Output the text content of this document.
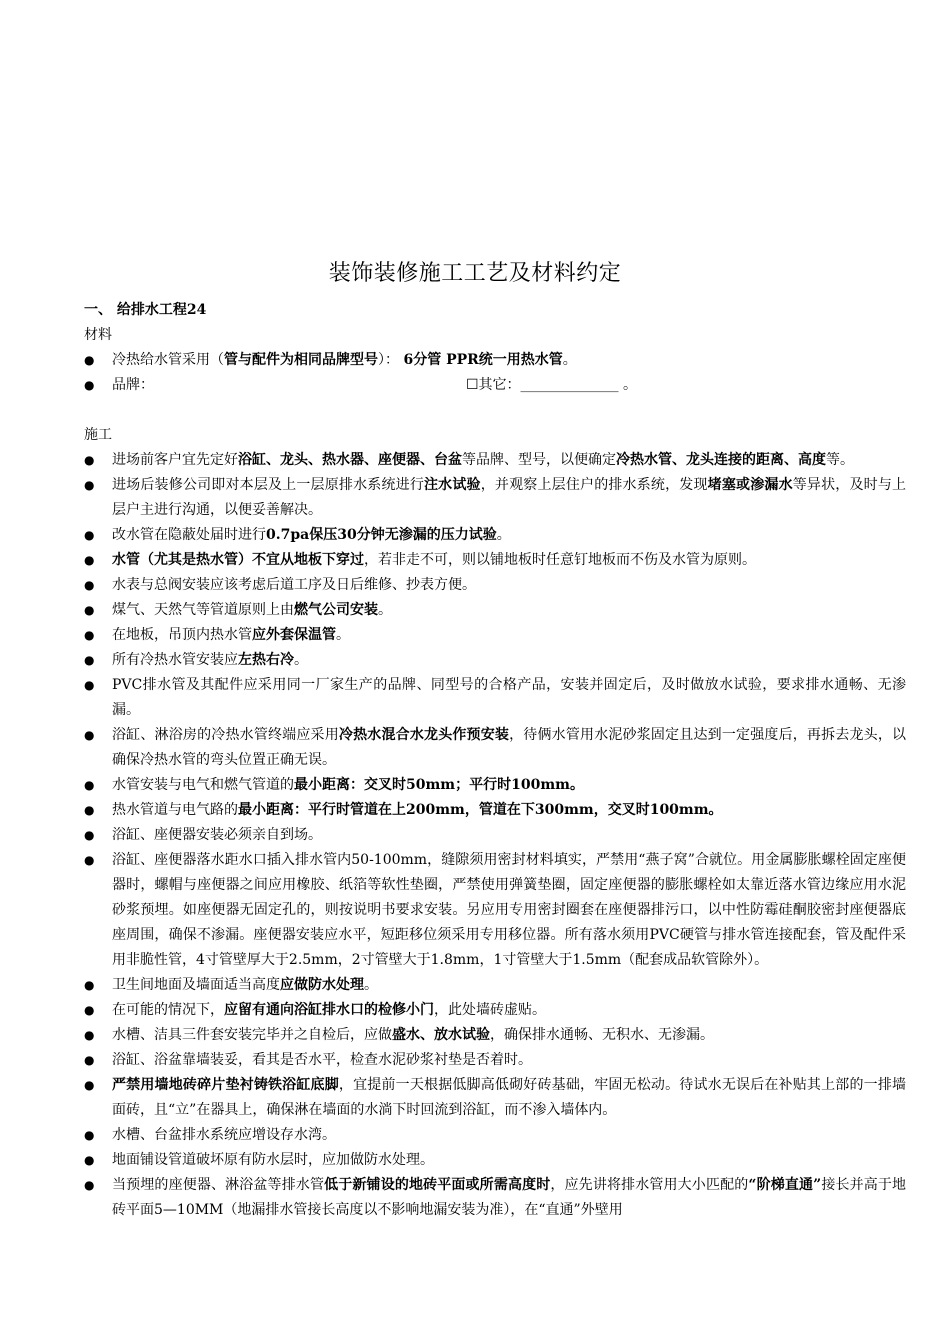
装饰装修施工工艺及材料约定
一、 给排水工程24
材料
● 冷热给水管采用（管与配件为相同品牌型号）： 6分管 PPR统一用热水管。
● 品牌：	☐其它：______________ 。
施工
● 进场前客户宜先定好浴缸、龙头、热水器、座便器、台盆等品牌、型号，以便确定冷热水管、龙头连接的距离、高度等。
● 进场后装修公司即对本层及上一层原排水系统进行注水试验，并观察上层住户的排水系统，发现堵塞或渗漏水等异状，及时与上层户主进行沟通，以便妥善解决。
● 改水管在隐蔽处届时进行0.7pa保压30分钟无渗漏的压力试验。
● 水管（尤其是热水管）不宜从地板下穿过，若非走不可，则以铺地板时任意钉地板而不伤及水管为原则。
● 水表与总阀安装应该考虑后道工序及日后维修、抄表方便。
● 煤气、天然气等管道原则上由燃气公司安装。
● 在地板，吊顶内热水管应外套保温管。
● 所有冷热水管安装应左热右冷。
● PVC排水管及其配件应采用同一厂家生产的品牌、同型号的合格产品，安装并固定后，及时做放水试验，要求排水通畅、无渗漏。
● 浴缸、淋浴房的冷热水管终端应采用冷热水混合水龙头作预安装，待俩水管用水泥砂浆固定且达到一定强度后，再拆去龙头，以确保冷热水管的弯头位置正确无误。
● 水管安装与电气和燃气管道的最小距离：交叉时50mm；平行时100mm。
● 热水管道与电气路的最小距离：平行时管道在上200mm，管道在下300mm，交叉时100mm。
● 浴缸、座便器安装必须亲自到场。
● 浴缸、座便器落水距水口插入排水管内50-100mm，缝隙须用密封材料填实，严禁用“燕子窝”合就位。用金属膨胀螺栓固定座便器时，螺帽与座便器之间应用橡胶、纸箔等软性垫圈，严禁使用弹簧垫圈，固定座便器的膨胀螺栓如太靠近落水管边缘应用水泥砂浆预埋。如座便器无固定孔的，则按说明书要求安装。另应用专用密封圈套在座便器排污口，以中性防霉硅酮胶密封座便器底座周围，确保不渗漏。座便器安装应水平，短距移位须采用专用移位器。所有落水须用PVC硬管与排水管连接配套，管及配件采用非脆性管，4寸管壁厚大于2.5mm，2寸管壁大于1.8mm，1寸管壁大于1.5mm（配套成品软管除外）。
● 卫生间地面及墙面适当高度应做防水处理。
● 在可能的情况下，应留有通向浴缸排水口的检修小门，此处墙砖虚贴。
● 水槽、洁具三件套安装完毕并之自检后，应做盛水、放水试验，确保排水通畅、无积水、无渗漏。
● 浴缸、浴盆靠墙装妥，看其是否水平，检查水泥砂浆衬垫是否着时。
● 严禁用墙地砖碎片垫衬铸铁浴缸底脚，宜提前一天根据低脚高低砌好砖基础，牢固无松动。待试水无误后在补贴其上部的一排墙面砖，且“立”在器具上，确保淋在墙面的水淌下时回流到浴缸，而不渗入墙体内。
● 水槽、台盆排水系统应增设存水湾。
● 地面铺设管道破坏原有防水层时，应加做防水处理。
● 当预埋的座便器、淋浴盆等排水管低于新铺设的地砖平面或所需高度时，应先讲将排水管用大小匹配的“阶梯直通”接长并高于地砖平面5—10MM（地漏排水管接长高度以不影响地漏安装为准），在“直通”外壁用
